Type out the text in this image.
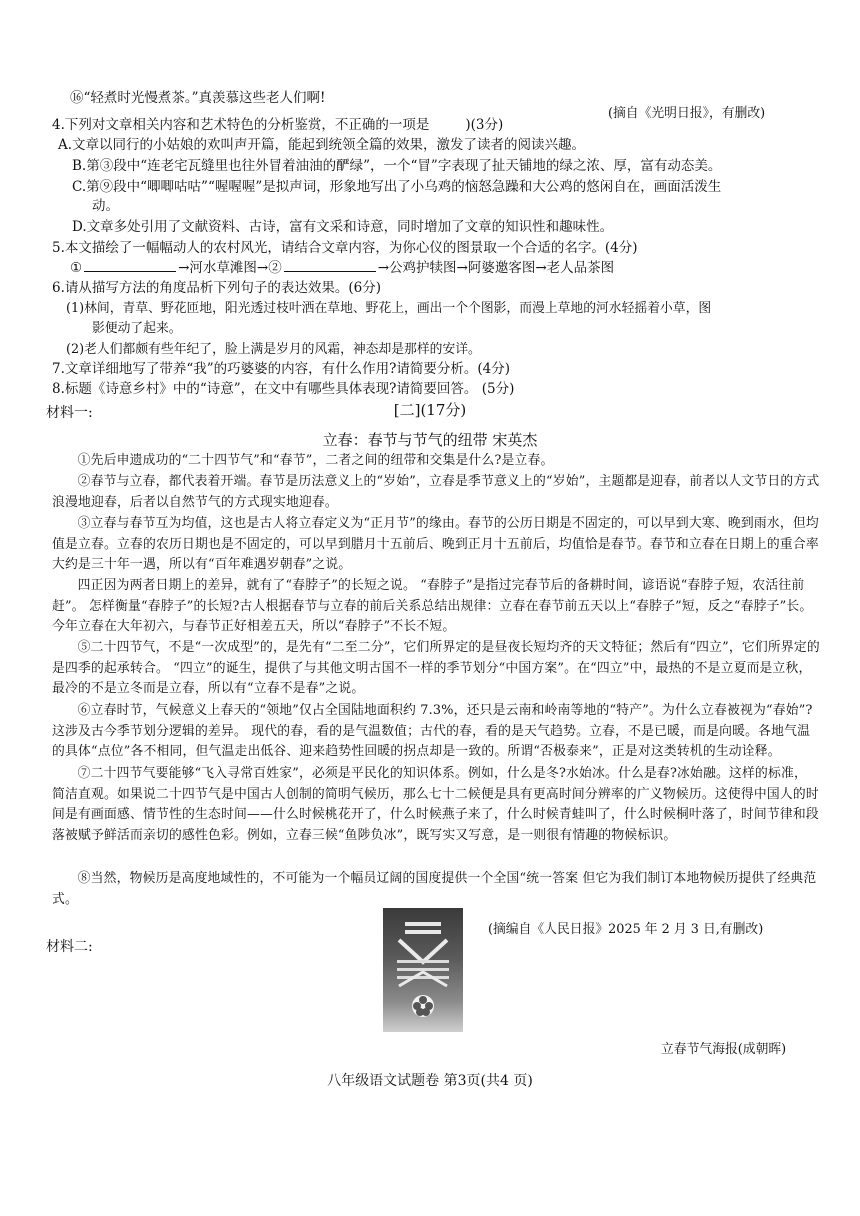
⑯“轻煮时光慢煮茶。”真羡慕这些老人们啊!
(摘自《光明日报》，有删改)
4.下列对文章相关内容和艺术特色的分析鉴赏，不正确的一项是	)(3分)
A.文章以同行的小姑娘的欢叫声开篇，能起到统领全篇的效果，激发了读者的阅读兴趣。
B.第③段中“连老宅瓦缝里也往外冒着油油的酽绿”，一个“冒”字表现了扯天铺地的绿之浓、厚，富有动态美。
C.第⑨段中“唧唧咕咕”“喔喔喔”是拟声词，形象地写出了小乌鸡的恼怒急躁和大公鸡的悠闲自在，画面活泼生
动。
D.文章多处引用了文献资料、古诗，富有文采和诗意，同时增加了文章的知识性和趣味性。
5.本文描绘了一幅幅动人的农村风光，请结合文章内容，为你心仪的图景取一个合适的名字。(4分)
①	→河水草滩图→②	→公鸡护犊图→阿婆邀客图→老人品茶图
6.请从描写方法的角度品析下列句子的表达效果。(6分)
(1)林间，青草、野花匝地，阳光透过枝叶洒在草地、野花上，画出一个个图影，而漫上草地的河水轻摇着小草，图
影便动了起来。
(2)老人们都颇有些年纪了，脸上满是岁月的风霜，神态却是那样的安详。
7.文章详细地写了带养“我”的巧婆婆的内容，有什么作用?请简要分析。(4分)
8.标题《诗意乡村》中的“诗意”，在文中有哪些具体表现?请简要回答。 (5分)
材料一:	[二](17分)
立春：春节与节气的纽带 宋英杰
①先后申遗成功的“二十四节气”和“春节”，二者之间的纽带和交集是什么?是立春。
②春节与立春，都代表着开端。春节是历法意义上的“岁始”，立春是季节意义上的“岁始”，主题都是迎春，前者以人文节日的方式浪漫地迎春，后者以自然节气的方式现实地迎春。
③立春与春节互为均值，这也是古人将立春定义为“正月节”的缘由。春节的公历日期是不固定的，可以早到大寒、晚到雨水，但均值是立春。立春的农历日期也是不固定的，可以早到腊月十五前后、晚到正月十五前后，均值恰是春节。春节和立春在日期上的重合率大约是三十年一遇，所以有“百年难遇岁朝春”之说。
四正因为两者日期上的差异，就有了“春脖子”的长短之说。 “春脖子”是指过完春节后的备耕时间，谚语说“春脖子短，农活往前赶”。 怎样衡量“春脖子”的长短?古人根据春节与立春的前后关系总结出规律：立春在春节前五天以上“春脖子”短，反之“春脖子”长。今年立春在大年初六，与春节正好相差五天，所以“春脖子”不长不短。
⑤二十四节气，不是“一次成型”的，是先有“二至二分”，它们所界定的是昼夜长短均齐的天文特征；然后有“四立”，它们所界定的是四季的起承转合。 “四立”的诞生，提供了与其他文明古国不一样的季节划分“中国方案”。在“四立”中，最热的不是立夏而是立秋，最冷的不是立冬而是立春，所以有“立春不是春”之说。
⑥立春时节，气候意义上春天的“领地”仅占全国陆地面积约 7.3%，还只是云南和岭南等地的“特产”。为什么立春被视为“春始”?这涉及古今季节划分逻辑的差异。 现代的春，看的是气温数值；古代的春，看的是天气趋势。立春，不是已暖，而是向暖。各地气温的具体“点位”各不相同，但气温走出低谷、迎来趋势性回暖的拐点却是一致的。所谓“否极泰来”，正是对这类转机的生动诠释。
⑦二十四节气要能够“飞入寻常百姓家”，必须是平民化的知识体系。例如，什么是冬?水始冰。什么是春?冰始融。这样的标准，简洁直观。如果说二十四节气是中国古人创制的简明气候历，那么七十二候便是具有更高时间分辨率的广义物候历。这使得中国人的时间是有画面感、情节性的生态时间——什么时候桃花开了，什么时候燕子来了，什么时候青蛙叫了，什么时候桐叶落了，时间节律和段落被赋予鲜活而亲切的感性色彩。例如，立春三候“鱼陟负冰”，既写实又写意，是一则很有情趣的物候标识。
⑧当然，物候历是高度地域性的，不可能为一个幅员辽阔的国度提供一个全国“统一答案 但它为我们制订本地物候历提供了经典范式。
(摘编自《人民日报》2025 年 2 月 3 日,有删改)
材料二:
立春节气海报(成朝晖)
八年级语文试题卷 第3页(共4 页)
